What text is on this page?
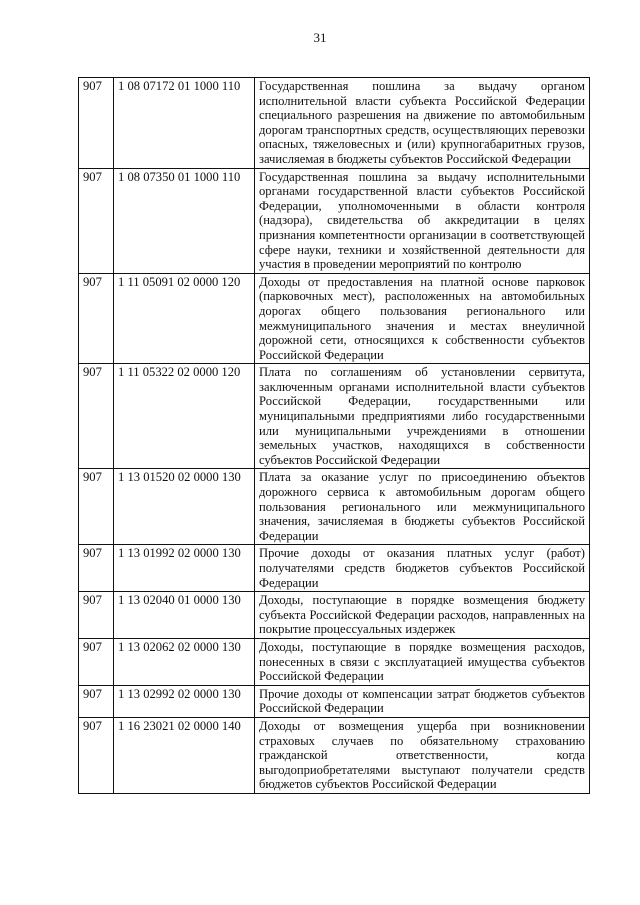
31
907	1 08 07172 01 1000 110	Государственная пошлина за выдачу органом исполнительной власти субъекта Российской Федерации специального разрешения на движение по автомобильным дорогам транспортных средств, осуществляющих перевозки опасных, тяжеловесных и (или) крупногабаритных грузов, зачисляемая в бюджеты субъектов Российской Федерации
907	1 08 07350 01 1000 110	Государственная пошлина за выдачу исполнительными органами государственной власти субъектов Российской Федерации, уполномоченными в области контроля (надзора), свидетельства об аккредитации в целях признания компетентности организации в соответствующей сфере науки, техники и хозяйственной деятельности для участия в проведении мероприятий по контролю
907	1 11 05091 02 0000 120	Доходы от предоставления на платной основе парковок (парковочных мест), расположенных на автомобильных дорогах общего пользования регионального или межмуниципального значения и местах внеуличной дорожной сети, относящихся к собственности субъектов Российской Федерации
907	1 11 05322 02 0000 120	Плата по соглашениям об установлении сервитута, заключенным органами исполнительной власти субъектов Российской Федерации, государственными или муниципальными предприятиями либо государственными или муниципальными учреждениями в отношении земельных участков, находящихся в собственности субъектов Российской Федерации
907	1 13 01520 02 0000 130	Плата за оказание услуг по присоединению объектов дорожного сервиса к автомобильным дорогам общего пользования регионального или межмуниципального значения, зачисляемая в бюджеты субъектов Российской Федерации
907	1 13 01992 02 0000 130	Прочие доходы от оказания платных услуг (работ) получателями средств бюджетов субъектов Российской Федерации
907	1 13 02040 01 0000 130	Доходы, поступающие в порядке возмещения бюджету субъекта Российской Федерации расходов, направленных на покрытие процессуальных издержек
907	1 13 02062 02 0000 130	Доходы, поступающие в порядке возмещения расходов, понесенных в связи с эксплуатацией имущества субъектов Российской Федерации
907	1 13 02992 02 0000 130	Прочие доходы от компенсации затрат бюджетов субъектов Российской Федерации
907	1 16 23021 02 0000 140	Доходы от возмещения ущерба при возникновении страховых случаев по обязательному страхованию гражданской ответственности, когда выгодоприобретателями выступают получатели средств бюджетов субъектов Российской Федерации
